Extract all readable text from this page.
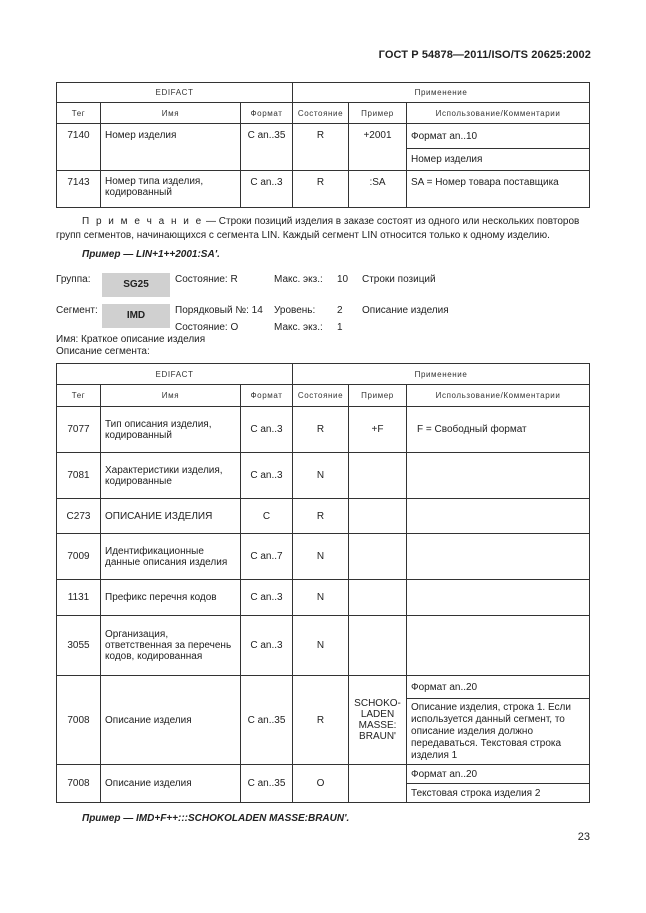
ГОСТ Р 54878—2011/ISO/TS 20625:2002
EDIFACT			Применение		
Тег	Имя	Формат	Состояние	Пример	Использование/Комментарии
7140	Номер изделия	C an..35	R	+2001	Формат an..10
					Номер изделия
7143	Номер типа изделия, кодированный	C an..3	R	:SA	SA = Номер товара поставщика
П р и м е ч а н и е — Строки позиций изделия в заказе состоят из одного или нескольких повторов групп сегментов, начинающихся с сегмента LIN. Каждый сегмент LIN относится только к одному изделию.
Пример — LIN+1++2001:SA'.
Группа:	SG25	Состояние: R	Макс. экз.: 10 Строки позиций
Сегмент:	IMD	Порядковый №: 14 Уровень: 2 Описание изделия
Состояние: O	Макс. экз.: 1
Имя: Краткое описание изделия
Описание сегмента:
EDIFACT			Применение		
Тег	Имя	Формат	Состояние	Пример	Использование/Комментарии
7077	Тип описания изделия, кодированный	C an..3	R	+F	F = Свободный формат
7081	Характеристики изделия, кодированные	C an..3	N		
C273	ОПИСАНИЕ ИЗДЕЛИЯ	C	R		
7009	Идентификационные данные описания изделия	C an..7	N		
1131	Префикс перечня кодов	C an..3	N		
3055	Организация, ответственная за перечень кодов, кодированная	C an..3	N		
7008	Описание изделия	C an..35	R	SCHOKO-LADEN MASSE: BRAUN'	Формат an..20
					Описание изделия, строка 1. Если используется данный сегмент, то описание изделия должно передаваться. Текстовая строка изделия 1
7008	Описание изделия	C an..35	O		Формат an..20
					Текстовая строка изделия 2
Пример — IMD+F++:::SCHOKOLADEN MASSE:BRAUN'.
23
